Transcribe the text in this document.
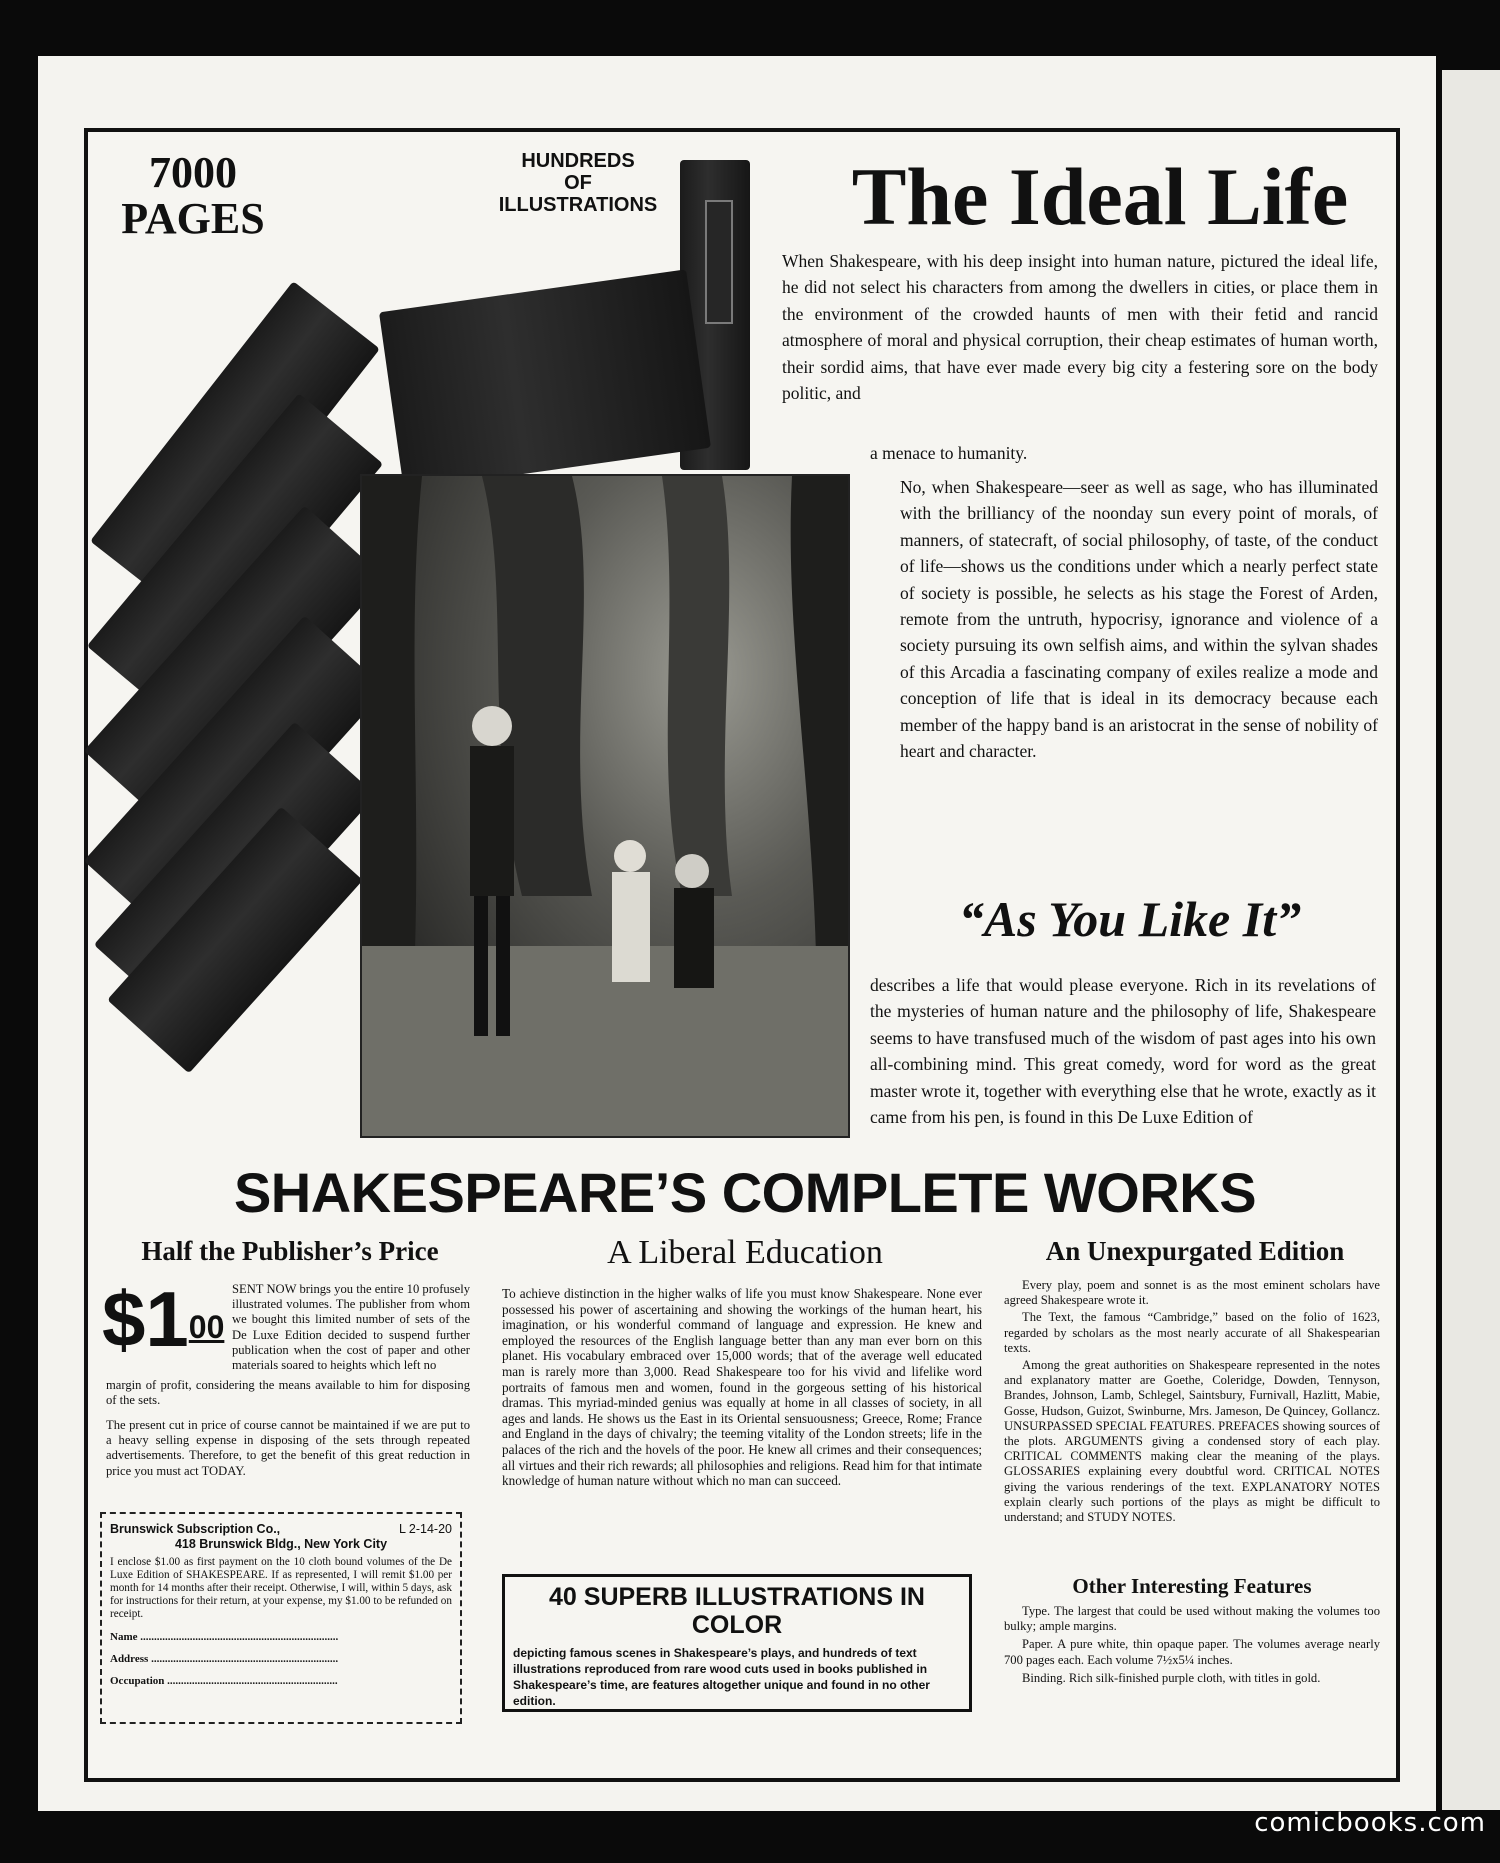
7000
PAGES
HUNDREDS
OF
ILLUSTRATIONS	The Ideal Life
When Shakespeare, with his deep insight into human nature, pictured the ideal life, he did not select his characters from among the dwellers in cities, or place them in the environment of the crowded haunts of men with their fetid and rancid atmosphere of moral and physical corruption, their cheap estimates of human worth, their sordid aims, that have ever made every big city a festering sore on the body politic, and
a menace to humanity.
No, when Shakespeare—seer as well as sage, who has illuminated with the brilliancy of the noonday sun every point of morals, of manners, of statecraft, of social philosophy, of taste, of the conduct of life—shows us the conditions under which a nearly perfect state of society is possible, he selects as his stage the Forest of Arden, remote from the untruth, hypocrisy, ignorance and violence of a society pursuing its own selfish aims, and within the sylvan shades of this Arcadia a fascinating company of exiles realize a mode and conception of life that is ideal in its democracy because each member of the happy band is an aristocrat in the sense of nobility of heart and character.
“As You Like It”
describes a life that would please everyone. Rich in its revelations of the mysteries of human nature and the philosophy of life, Shakespeare seems to have transfused much of the wisdom of past ages into his own all-combining mind. This great comedy, word for word as the great master wrote it, together with everything else that he wrote, exactly as it came from his pen, is found in this De Luxe Edition of
SHAKESPEARE’S COMPLETE WORKS
Half the Publisher’s Price
$\$1^{00}$
SENT NOW brings you the entire 10 profusely illustrated volumes. The publisher from whom we bought this limited number of sets of the De Luxe Edition decided to suspend further publication when the cost of paper and other materials soared to heights which left no
margin of profit, considering the means available to him for disposing of the sets.
The present cut in price of course cannot be maintained if we are put to a heavy selling expense in disposing of the sets through repeated advertisements. Therefore, to get the benefit of this great reduction in price you must act TODAY.
Brunswick Subscription Co.,	L 2-14-20
418 Brunswick Bldg., New York City
I enclose $1.00 as first payment on the 10 cloth bound volumes of the De Luxe Edition of SHAKESPEARE. If as represented, I will remit $1.00 per month for 14 months after their receipt. Otherwise, I will, within 5 days, ask for instructions for their return, at your expense, my $1.00 to be refunded on receipt.
Name ........................................................................
Address ....................................................................
Occupation ..............................................................
A Liberal Education
To achieve distinction in the higher walks of life you must know Shakespeare. None ever possessed his power of ascertaining and showing the workings of the human heart, his imagination, or his wonderful command of language and expression. He knew and employed the resources of the English language better than any man ever born on this planet. His vocabulary embraced over 15,000 words; that of the average well educated man is rarely more than 3,000. Read Shakespeare too for his vivid and lifelike word portraits of famous men and women, found in the gorgeous setting of his historical dramas. This myriad-minded genius was equally at home in all classes of society, in all ages and lands. He shows us the East in its Oriental sensuousness; Greece, Rome; France and England in the days of chivalry; the teeming vitality of the London streets; life in the palaces of the rich and the hovels of the poor. He knew all crimes and their consequences; all virtues and their rich rewards; all philosophies and religions. Read him for that intimate knowledge of human nature without which no man can succeed.
40 SUPERB ILLUSTRATIONS IN COLOR
depicting famous scenes in Shakespeare’s plays, and hundreds of text illustrations reproduced from rare wood cuts used in books published in Shakespeare’s time, are features altogether unique and found in no other edition.
An Unexpurgated Edition

Every play, poem and sonnet is as the most eminent scholars have agreed Shakespeare wrote it.

The Text, the famous “Cambridge,” based on the folio of 1623, regarded by scholars as the most nearly accurate of all Shakespearian texts.

Among the great authorities on Shakespeare represented in the notes and explanatory matter are Goethe, Coleridge, Dowden, Tennyson, Brandes, Johnson, Lamb, Schlegel, Saintsbury, Furnivall, Hazlitt, Mabie, Gosse, Hudson, Guizot, Swinburne, Mrs. Jameson, De Quincey, Gollancz. UNSURPASSED SPECIAL FEATURES. PREFACES showing sources of the plots. ARGUMENTS giving a condensed story of each play. CRITICAL COMMENTS making clear the meaning of the plays. GLOSSARIES explaining every doubtful word. CRITICAL NOTES giving the various renderings of the text. EXPLANATORY NOTES explain clearly such portions of the plays as might be difficult to understand; and STUDY NOTES.

Other Interesting Features

Type. The largest that could be used without making the volumes too bulky; ample margins.

Paper. A pure white, thin opaque paper. The volumes average nearly 700 pages each. Each volume 7½x5¼ inches.

Binding. Rich silk-finished purple cloth, with titles in gold.

comicbooks.com
